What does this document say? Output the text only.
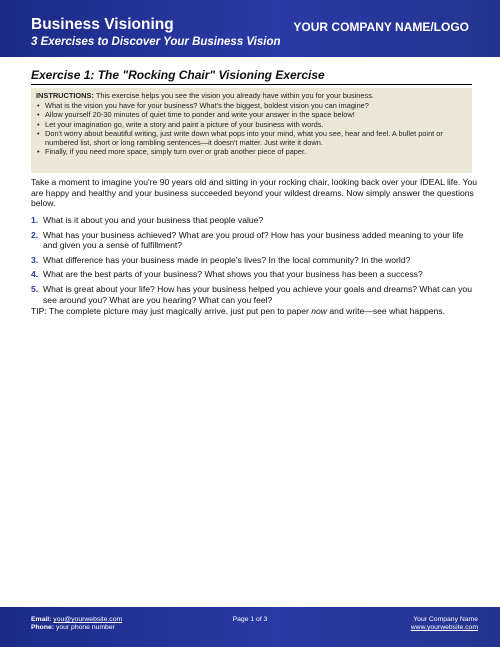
Business Visioning
3 Exercises to Discover Your Business Vision
YOUR COMPANY NAME/LOGO
Exercise 1: The "Rocking Chair" Visioning Exercise
INSTRUCTIONS: This exercise helps you see the vision you already have within you for your business.
• What is the vision you have for your business? What's the biggest, boldest vision you can imagine?
• Allow yourself 20-30 minutes of quiet time to ponder and write your answer in the space below!
• Let your imagination go, write a story and paint a picture of your business with words.
• Don't worry about beautiful writing, just write down what pops into your mind, what you see, hear and feel. A bullet point or numbered list, short or long rambling sentences—it doesn't matter. Just write it down.
• Finally, if you need more space, simply turn over or grab another piece of paper.

Take a moment to imagine you're 90 years old and sitting in your rocking chair, looking back over your IDEAL life. You are happy and healthy and your business succeeded beyond your wildest dreams. Now simply answer the questions below.

1. What is it about you and your business that people value?
2. What has your business achieved? What are you proud of? How has your business added meaning to your life and given you a sense of fulfillment?
3. What difference has your business made in people's lives? In the local community? In the world?
4. What are the best parts of your business? What shows you that your business has been a success?
5. What is great about your life? How has your business helped you achieve your goals and dreams? What can you see around you? What are you hearing? What can you feel?

TIP: The complete picture may just magically arrive, just put pen to paper now and write—see what happens.

Email: you@yourwebsite.com
Phone: your phone number
Page 1 of 3	Your Company Name
www.yourwebsite.com
